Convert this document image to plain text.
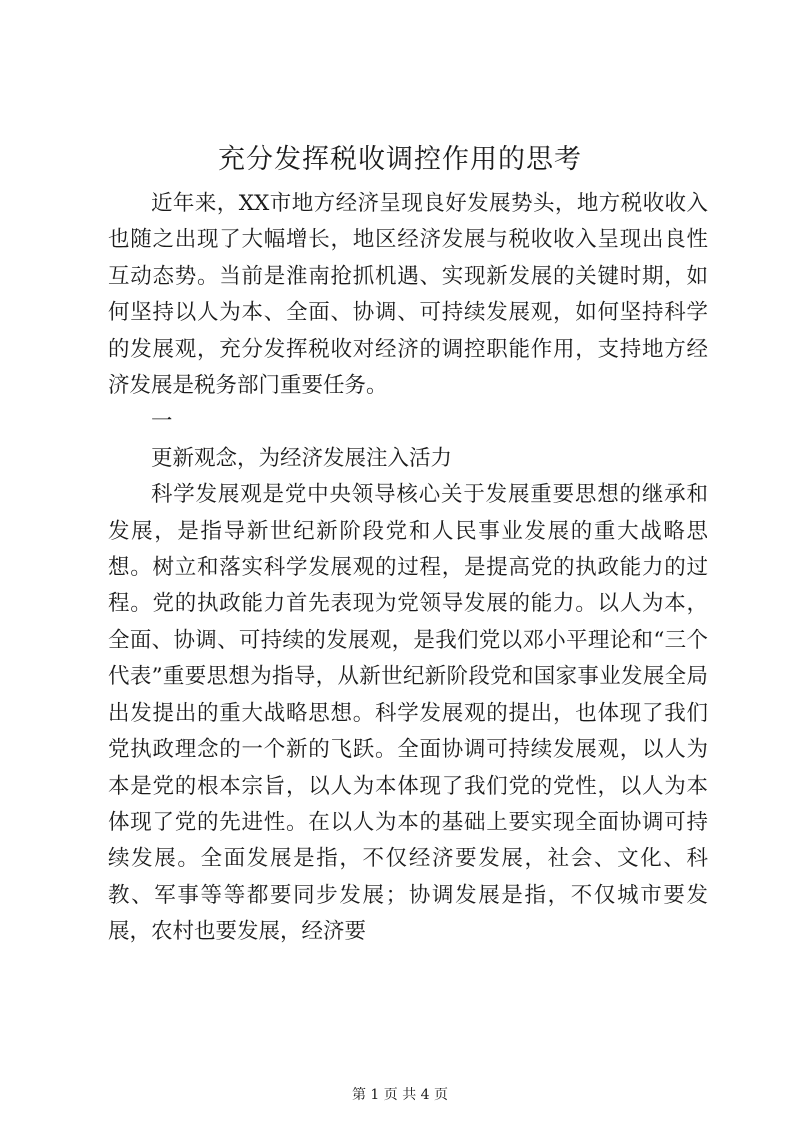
充分发挥税收调控作用的思考

近年来，XX市地方经济呈现良好发展势头，地方税收收入也随之出现了大幅增长，地区经济发展与税收收入呈现出良性互动态势。当前是淮南抢抓机遇、实现新发展的关键时期，如何坚持以人为本、全面、协调、可持续发展观，如何坚持科学的发展观，充分发挥税收对经济的调控职能作用，支持地方经济发展是税务部门重要任务。

一

更新观念，为经济发展注入活力

科学发展观是党中央领导核心关于发展重要思想的继承和发展，是指导新世纪新阶段党和人民事业发展的重大战略思想。树立和落实科学发展观的过程，是提高党的执政能力的过程。党的执政能力首先表现为党领导发展的能力。以人为本，全面、协调、可持续的发展观，是我们党以邓小平理论和“三个代表”重要思想为指导，从新世纪新阶段党和国家事业发展全局出发提出的重大战略思想。科学发展观的提出，也体现了我们党执政理念的一个新的飞跃。全面协调可持续发展观，以人为本是党的根本宗旨，以人为本体现了我们党的党性，以人为本体现了党的先进性。在以人为本的基础上要实现全面协调可持续发展。全面发展是指，不仅经济要发展，社会、文化、科教、军事等等都要同步发展；协调发展是指，不仅城市要发展，农村也要发展，经济要

第 1 页 共 4 页
